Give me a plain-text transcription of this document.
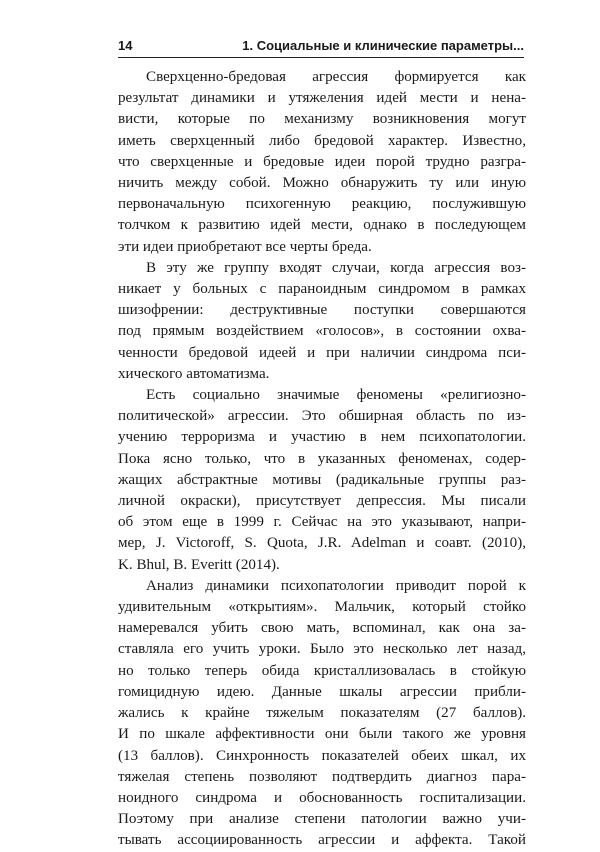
14	1. Социальные и клинические параметры...

Сверхценно-бредовая агрессия формируется как
результат динамики и утяжеления идей мести и нена-
висти, которые по механизму возникновения могут
иметь сверхценный либо бредовой характер. Известно,
что сверхценные и бредовые идеи порой трудно разгра-
ничить между собой. Можно обнаружить ту или иную
первоначальную психогенную реакцию, послужившую
толчком к развитию идей мести, однако в последующем
эти идеи приобретают все черты бреда.

В эту же группу входят случаи, когда агрессия воз-
никает у больных с параноидным синдромом в рамках
шизофрении: деструктивные поступки совершаются
под прямым воздействием «голосов», в состоянии охва-
ченности бредовой идеей и при наличии синдрома пси-
хического автоматизма.

Есть социально значимые феномены «религиозно-
политической» агрессии. Это обширная область по из-
учению терроризма и участию в нем психопатологии.
Пока ясно только, что в указанных феноменах, содер-
жащих абстрактные мотивы (радикальные группы раз-
личной окраски), присутствует депрессия. Мы писали
об этом еще в 1999 г. Сейчас на это указывают, напри-
мер, J. Victoroff, S. Quota, J.R. Adelman и соавт. (2010),
K. Bhul, B. Everitt (2014).

Анализ динамики психопатологии приводит порой к
удивительным «открытиям». Мальчик, который стойко
намеревался убить свою мать, вспоминал, как она за-
ставляла его учить уроки. Было это несколько лет назад,
но только теперь обида кристаллизовалась в стойкую
гомицидную идею. Данные шкалы агрессии прибли-
жались к крайне тяжелым показателям (27 баллов).
И по шкале аффективности они были такого же уровня
(13 баллов). Синхронность показателей обеих шкал, их
тяжелая степень позволяют подтвердить диагноз пара-
ноидного синдрома и обоснованность госпитализации.
Поэтому при анализе степени патологии важно учи-
тывать ассоциированность агрессии и аффекта. Такой
